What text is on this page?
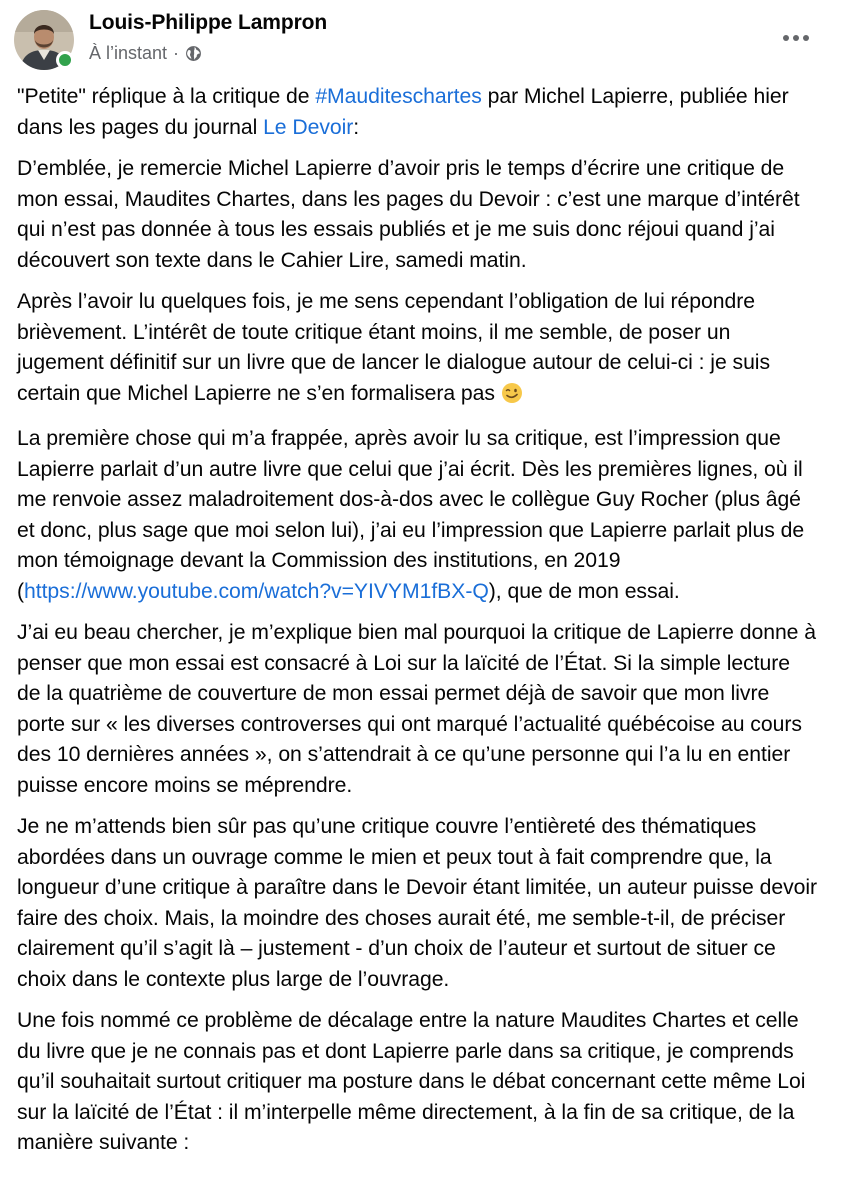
Louis-Philippe Lampron
À l’instant ·

"Petite" réplique à la critique de #Mauditeschartes par Michel Lapierre, publiée hier dans les pages du journal Le Devoir:

D’emblée, je remercie Michel Lapierre d’avoir pris le temps d’écrire une critique de mon essai, Maudites Chartes, dans les pages du Devoir : c’est une marque d’intérêt qui n’est pas donnée à tous les essais publiés et je me suis donc réjoui quand j’ai découvert son texte dans le Cahier Lire, samedi matin.

Après l’avoir lu quelques fois, je me sens cependant l’obligation de lui répondre brièvement. L’intérêt de toute critique étant moins, il me semble, de poser un jugement définitif sur un livre que de lancer le dialogue autour de celui-ci : je suis certain que Michel Lapierre ne s’en formalisera pas

La première chose qui m’a frappée, après avoir lu sa critique, est l’impression que Lapierre parlait d’un autre livre que celui que j’ai écrit. Dès les premières lignes, où il me renvoie assez maladroitement dos-à-dos avec le collègue Guy Rocher (plus âgé et donc, plus sage que moi selon lui), j’ai eu l’impression que Lapierre parlait plus de mon témoignage devant la Commission des institutions, en 2019 (https://www.youtube.com/watch?v=YIVYM1fBX-Q), que de mon essai.

J’ai eu beau chercher, je m’explique bien mal pourquoi la critique de Lapierre donne à penser que mon essai est consacré à Loi sur la laïcité de l’État. Si la simple lecture de la quatrième de couverture de mon essai permet déjà de savoir que mon livre porte sur « les diverses controverses qui ont marqué l’actualité québécoise au cours des 10 dernières années », on s’attendrait à ce qu’une personne qui l’a lu en entier puisse encore moins se méprendre.

Je ne m’attends bien sûr pas qu’une critique couvre l’entièreté des thématiques abordées dans un ouvrage comme le mien et peux tout à fait comprendre que, la longueur d’une critique à paraître dans le Devoir étant limitée, un auteur puisse devoir faire des choix. Mais, la moindre des choses aurait été, me semble-t-il, de préciser clairement qu’il s’agit là – justement - d’un choix de l’auteur et surtout de situer ce choix dans le contexte plus large de l’ouvrage.

Une fois nommé ce problème de décalage entre la nature Maudites Chartes et celle du livre que je ne connais pas et dont Lapierre parle dans sa critique, je comprends qu’il souhaitait surtout critiquer ma posture dans le débat concernant cette même Loi sur la laïcité de l’État : il m’interpelle même directement, à la fin de sa critique, de la manière suivante :
